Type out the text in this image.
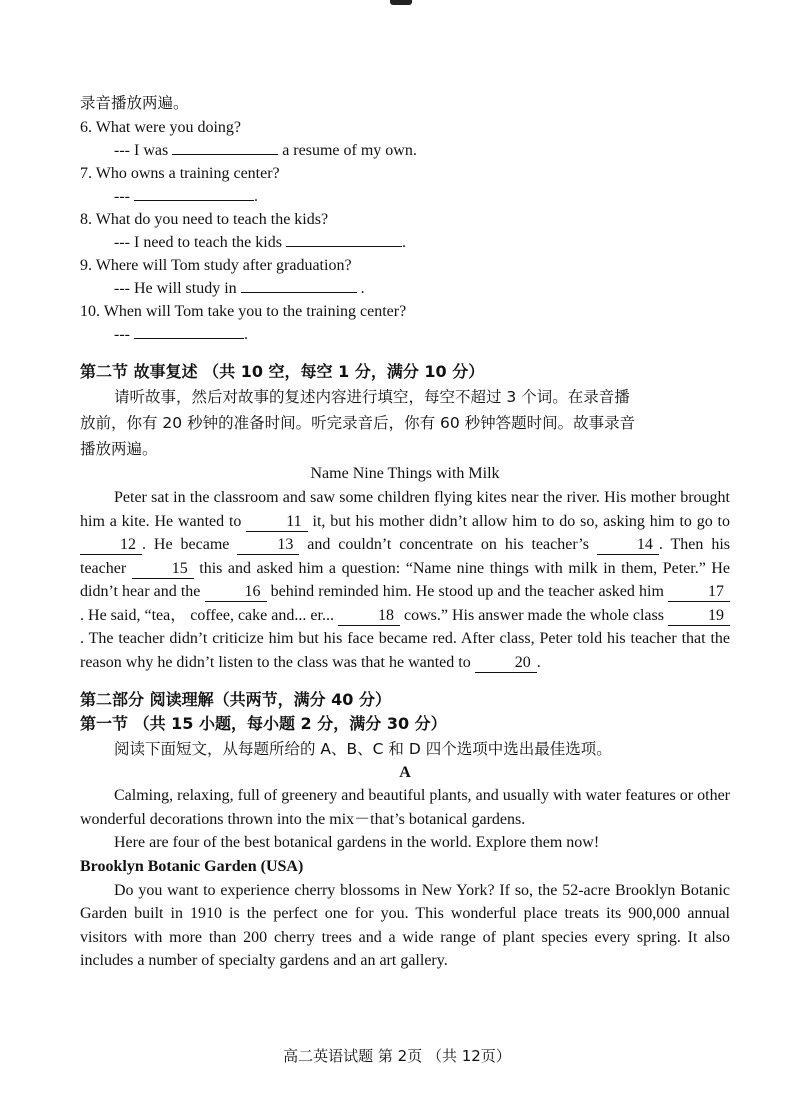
录音播放两遍。
6. What were you doing?
--- I was	a resume of my own.
7. Who owns a training center?
---	.
8. What do you need to teach the kids?
--- I need to teach the kids	.
9. Where will Tom study after graduation?
--- He will study in	.
10. When will Tom take you to the training center?
---	.
第二节 故事复述 （共 10 空，每空 1 分，满分 10 分）
请听故事，然后对故事的复述内容进行填空，每空不超过 3 个词。在录音播
放前，你有 20 秒钟的准备时间。听完录音后，你有 60 秒钟答题时间。故事录音
播放两遍。
Name Nine Things with Milk

Peter sat in the classroom and saw some children flying kites near the river. His mother brought him a kite. He wanted to	11 it, but his mother didn’t allow him to do so, asking him to go to 12 . He became	13 and couldn’t concentrate on his teacher’s	14 . Then his teacher	15 this and asked him a question: “Name nine things with milk in them, Peter.” He didn’t hear and the	16 behind reminded him. He stood up and the teacher asked him	17. He said, “tea， coffee, cake and... er...	18 cows.” His answer made the whole class	19. The teacher didn’t criticize him but his face became red. After class, Peter told his teacher that the reason why he didn’t listen to the class was that he wanted to	20 .

第二部分 阅读理解（共两节，满分 40 分）
第一节 （共 15 小题，每小题 2 分，满分 30 分）
阅读下面短文，从每题所给的 A、B、C 和 D 四个选项中选出最佳选项。
A

Calming, relaxing, full of greenery and beautiful plants, and usually with water features or other wonderful decorations thrown into the mix－that’s botanical gardens.

Here are four of the best botanical gardens in the world. Explore them now!

Brooklyn Botanic Garden (USA)

Do you want to experience cherry blossoms in New York? If so, the 52-acre Brooklyn Botanic Garden built in 1910 is the perfect one for you. This wonderful place treats its 900,000 annual visitors with more than 200 cherry trees and a wide range of plant species every spring. It also includes a number of specialty gardens and an art gallery.

高二英语试题 第 2页 （共 12页）
